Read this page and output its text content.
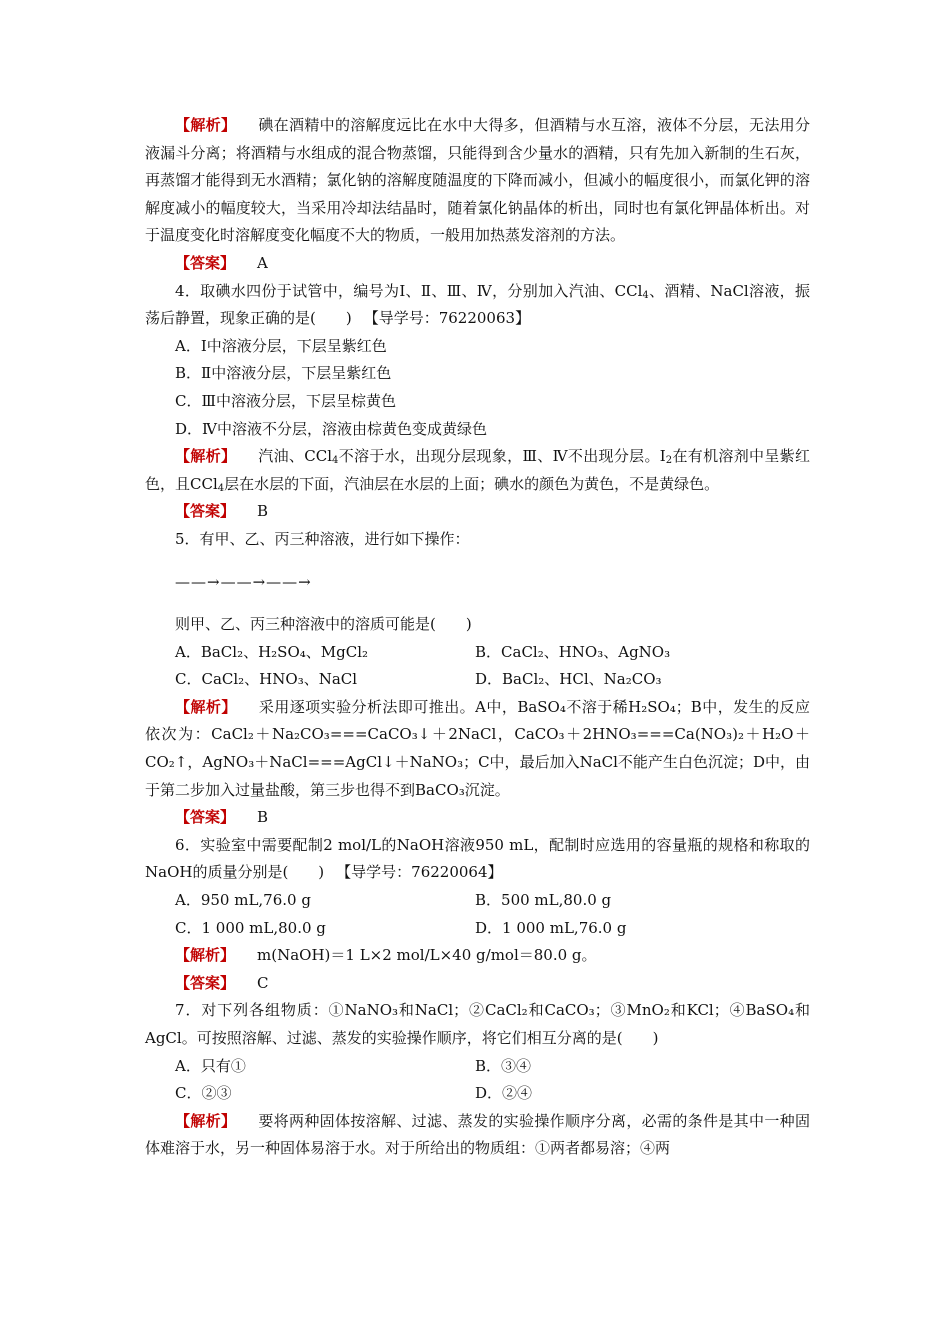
【解析】 碘在酒精中的溶解度远比在水中大得多，但酒精与水互溶，液体不分层，无法用分液漏斗分离；将酒精与水组成的混合物蒸馏，只能得到含少量水的酒精，只有先加入新制的生石灰，再蒸馏才能得到无水酒精；氯化钠的溶解度随温度的下降而减小，但减小的幅度很小，而氯化钾的溶解度减小的幅度较大，当采用冷却法结晶时，随着氯化钠晶体的析出，同时也有氯化钾晶体析出。对于温度变化时溶解度变化幅度不大的物质，一般用加热蒸发溶剂的方法。

【答案】 A

4．取碘水四份于试管中，编号为Ⅰ、Ⅱ、Ⅲ、Ⅳ，分别加入汽油、CCl$_4$、酒精、NaCl溶液，振荡后静置，现象正确的是(　　) 【导学号：76220063】

A．Ⅰ中溶液分层，下层呈紫红色

B．Ⅱ中溶液分层，下层呈紫红色

C．Ⅲ中溶液分层，下层呈棕黄色

D．Ⅳ中溶液不分层，溶液由棕黄色变成黄绿色

【解析】 汽油、CCl$_4$不溶于水，出现分层现象，Ⅲ、Ⅳ不出现分层。$I_2$在有机溶剂中呈紫红色，且CCl$_4$层在水层的下面，汽油层在水层的上面；碘水的颜色为黄色，不是黄绿色。

【答案】 B

5．有甲、乙、丙三种溶液，进行如下操作：

——→——→——→

则甲、乙、丙三种溶液中的溶质可能是(　　)

A．BaCl₂、H₂SO₄、MgCl₂	B．CaCl₂、HNO₃、AgNO₃
C．CaCl₂、HNO₃、NaCl	D．BaCl₂、HCl、Na₂CO₃

【解析】 采用逐项实验分析法即可推出。A中，BaSO₄不溶于稀H₂SO₄；B中，发生的反应依次为：CaCl₂＋Na₂CO₃===CaCO₃↓＋2NaCl，CaCO₃＋2HNO₃===Ca(NO₃)₂＋H₂O＋CO₂↑，AgNO₃＋NaCl===AgCl↓＋NaNO₃；C中，最后加入NaCl不能产生白色沉淀；D中，由于第二步加入过量盐酸，第三步也得不到BaCO₃沉淀。

【答案】 B

6．实验室中需要配制2 mol/L的NaOH溶液950 mL，配制时应选用的容量瓶的规格和称取的NaOH的质量分别是(　　) 【导学号：76220064】

A．950 mL,76.0 g	B．500 mL,80.0 g
C．1 000 mL,80.0 g	D．1 000 mL,76.0 g

【解析】 m(NaOH)＝1 L×2 mol/L×40 g/mol＝80.0 g。

【答案】 C

7．对下列各组物质：①NaNO₃和NaCl；②CaCl₂和CaCO₃；③MnO₂和KCl；④BaSO₄和AgCl。可按照溶解、过滤、蒸发的实验操作顺序，将它们相互分离的是(　　)

A．只有①	B．③④
C．②③	D．②④

【解析】 要将两种固体按溶解、过滤、蒸发的实验操作顺序分离，必需的条件是其中一种固体难溶于水，另一种固体易溶于水。对于所给出的物质组：①两者都易溶；④两
